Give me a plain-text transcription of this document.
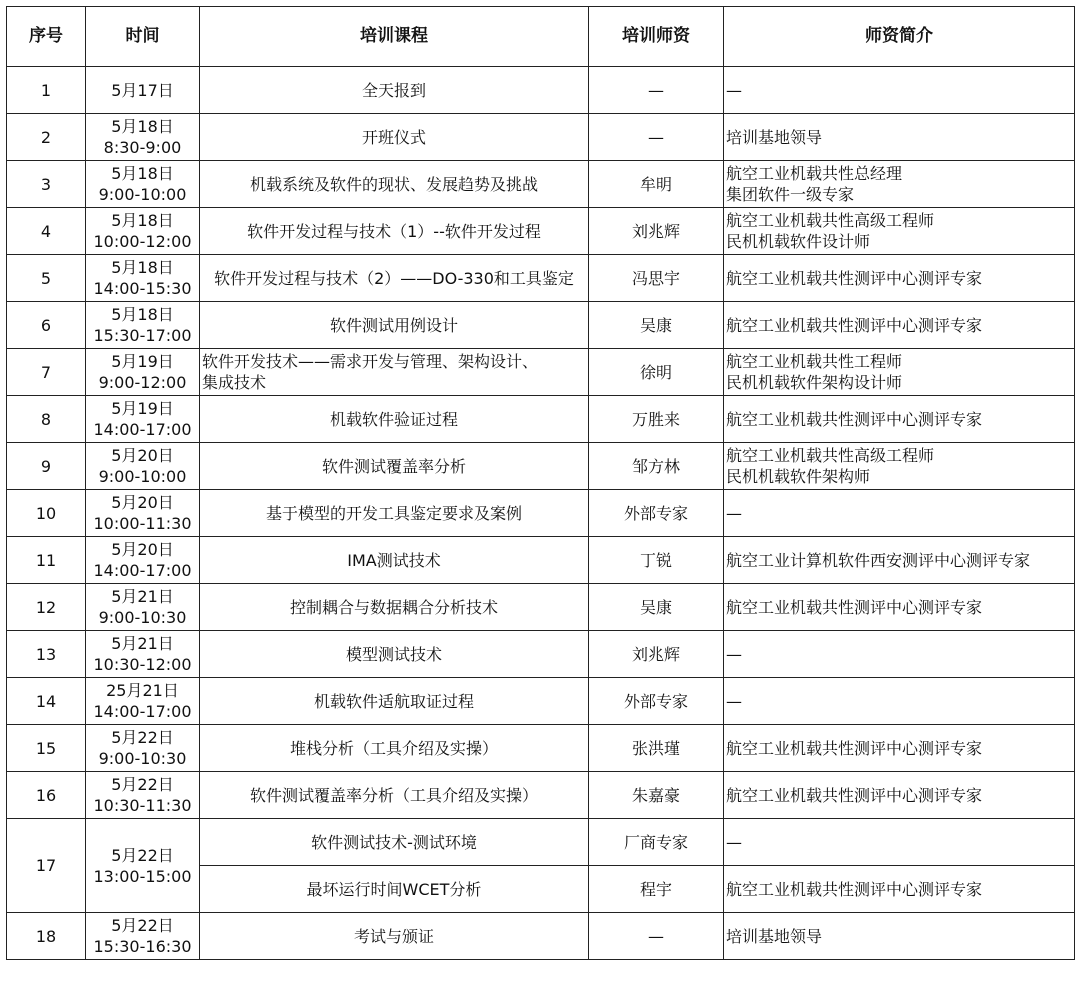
序号	时间	培训课程	培训师资	师资简介
1	5月17日	全天报到	—	—

2	5月18日
8:30-9:00	开班仪式	—	培训基地领导

3	5月18日
9:00-10:00	机载系统及软件的现状、发展趋势及挑战	牟明	航空工业机载共性总经理
集团软件一级专家

4	5月18日
10:00-12:00	软件开发过程与技术（1）--软件开发过程	刘兆辉	航空工业机载共性高级工程师
民机机载软件设计师

5	5月18日
14:00-15:30	软件开发过程与技术（2）——DO-330和工具鉴定	冯思宇	航空工业机载共性测评中心测评专家

6	5月18日
15:30-17:00	软件测试用例设计	吴康	航空工业机载共性测评中心测评专家

7	5月19日
9:00-12:00	软件开发技术——需求开发与管理、架构设计、
集成技术	徐明	航空工业机载共性工程师
民机机载软件架构设计师

8	5月19日
14:00-17:00	机载软件验证过程	万胜来	航空工业机载共性测评中心测评专家

9	5月20日
9:00-10:00	软件测试覆盖率分析	邹方林	航空工业机载共性高级工程师
民机机载软件架构师

10	5月20日
10:00-11:30	基于模型的开发工具鉴定要求及案例	外部专家	—

11	5月20日
14:00-17:00	IMA测试技术	丁锐	航空工业计算机软件西安测评中心测评专家

12	5月21日
9:00-10:30	控制耦合与数据耦合分析技术	吴康	航空工业机载共性测评中心测评专家

13	5月21日
10:30-12:00	模型测试技术	刘兆辉	—

14	25月21日
14:00-17:00	机载软件适航取证过程	外部专家	—

15	5月22日
9:00-10:30	堆栈分析（工具介绍及实操）	张洪瑾	航空工业机载共性测评中心测评专家

16	5月22日
10:30-11:30	软件测试覆盖率分析（工具介绍及实操）	朱嘉豪	航空工业机载共性测评中心测评专家

17	5月22日
13:00-15:00	软件测试技术-测试环境	厂商专家	—

		最坏运行时间WCET分析	程宇	航空工业机载共性测评中心测评专家

18	5月22日
15:30-16:30	考试与颁证	—	培训基地领导
